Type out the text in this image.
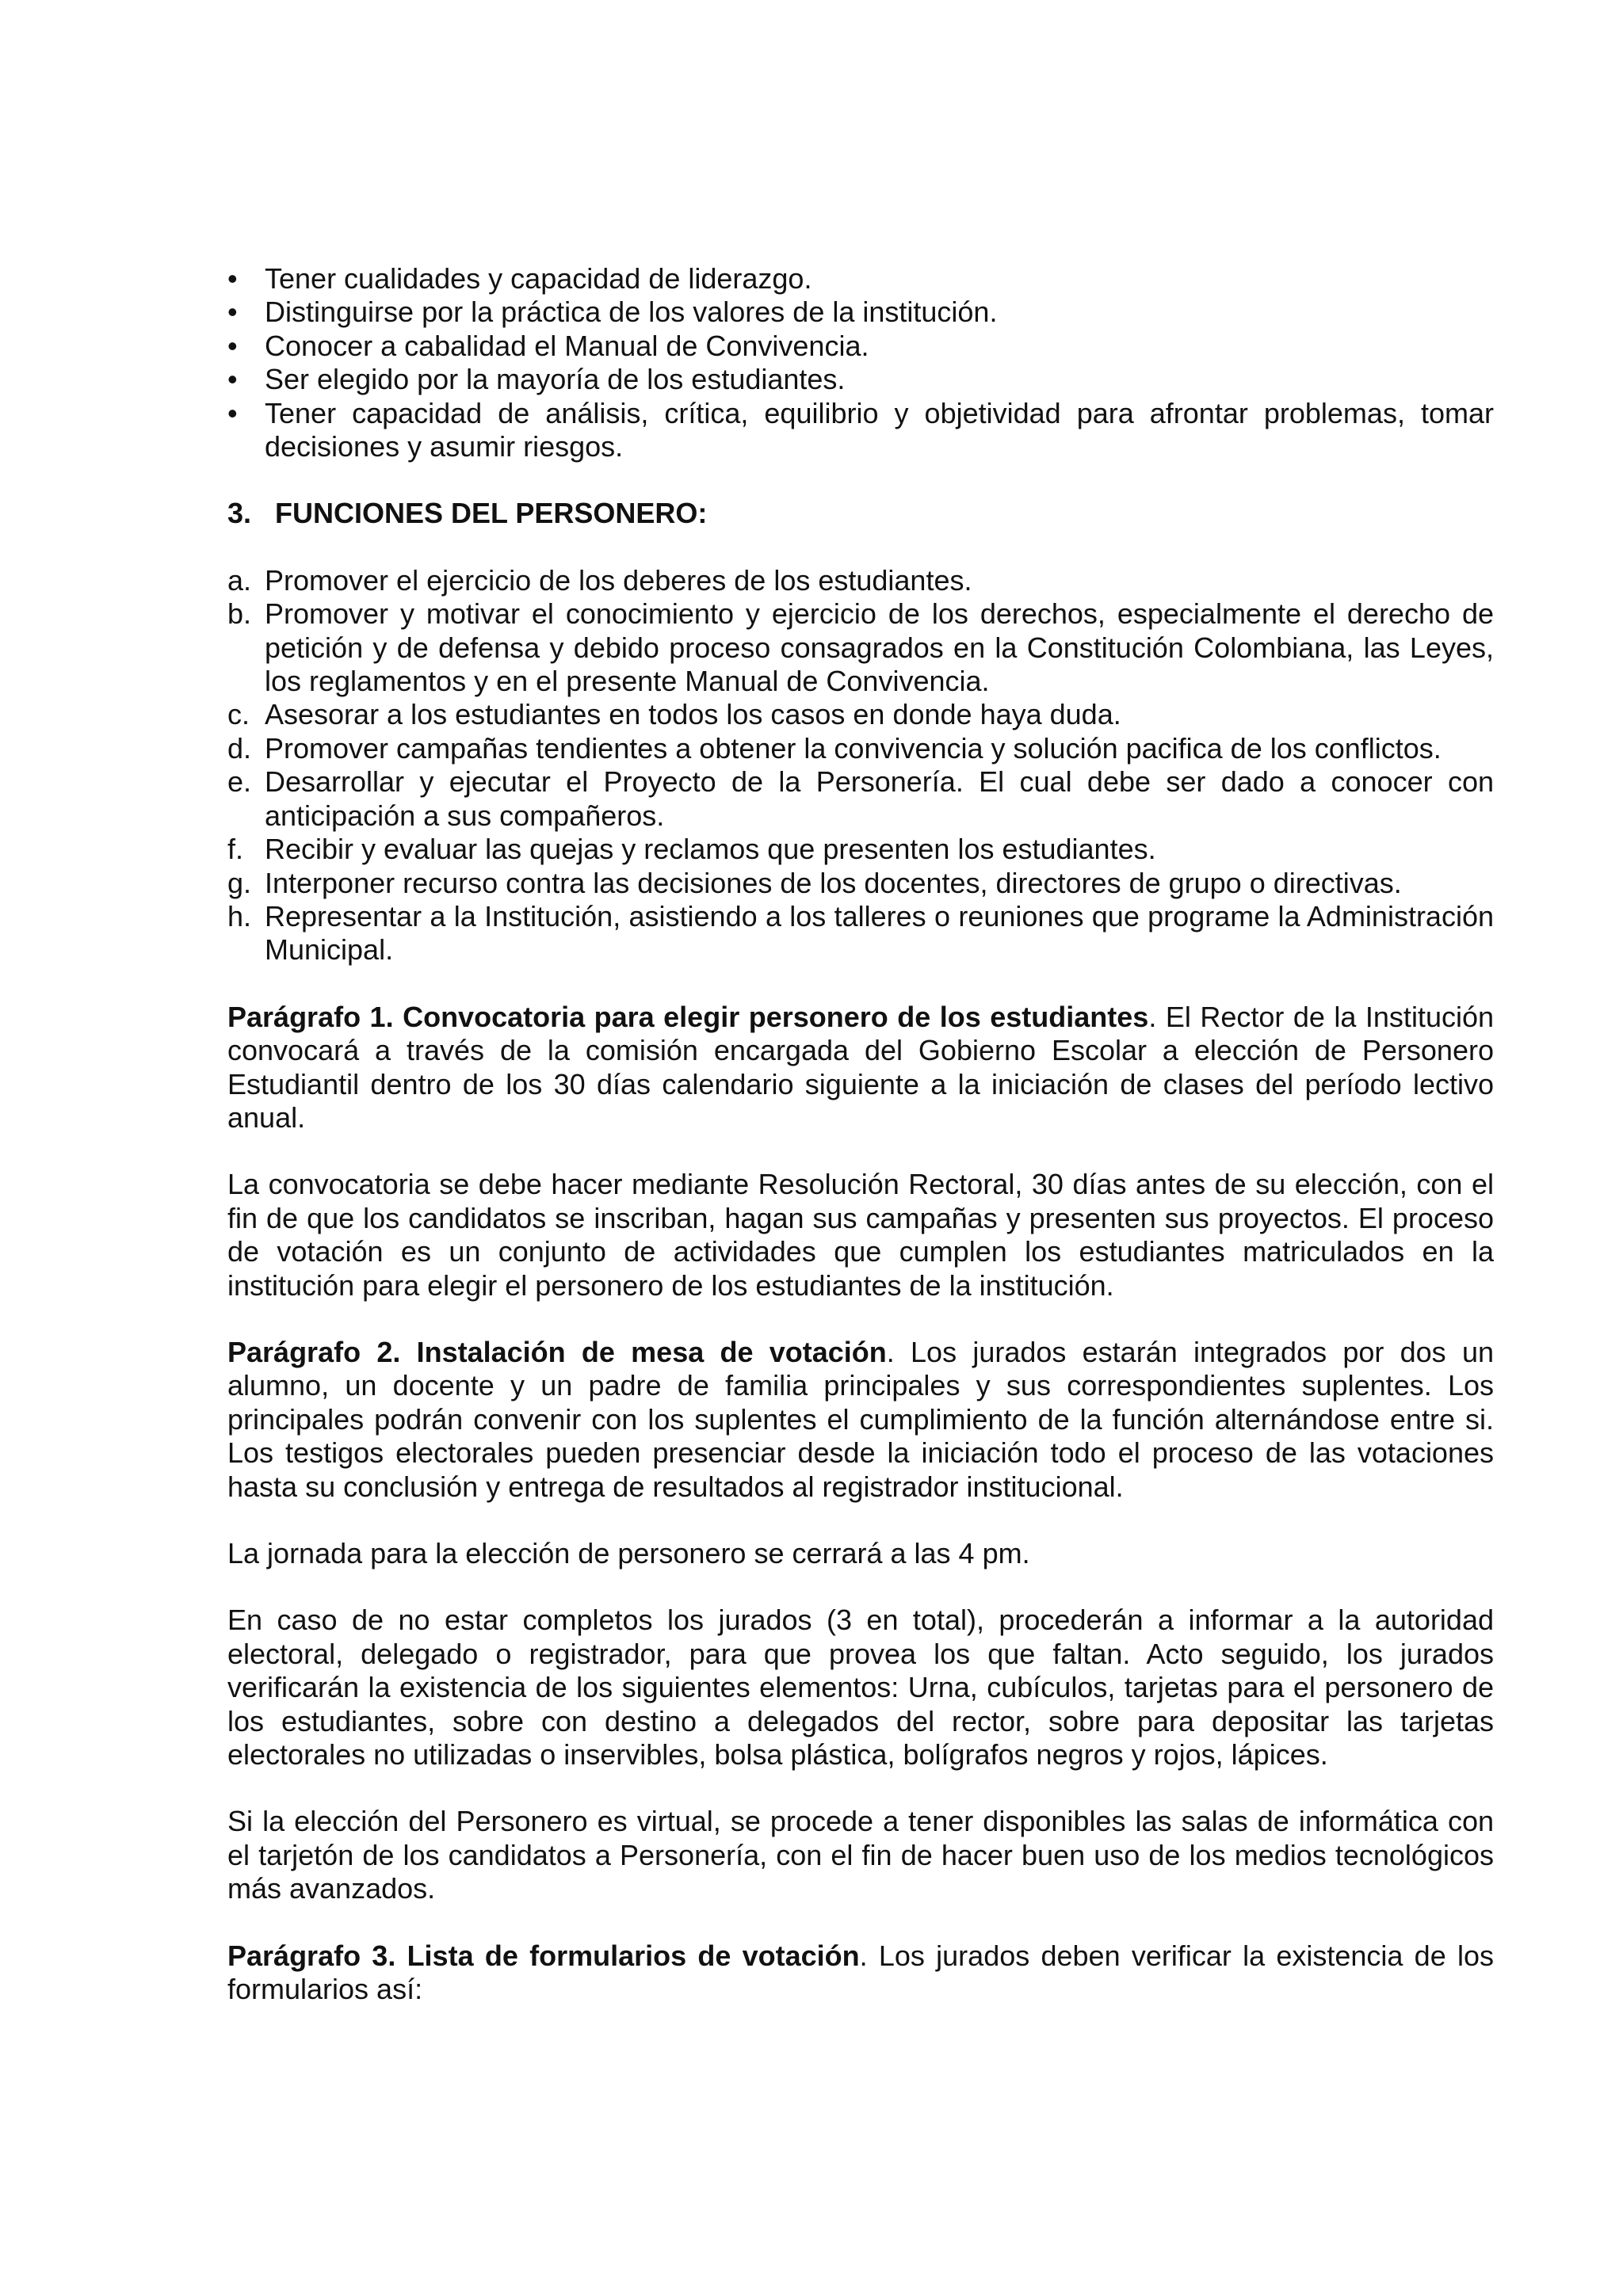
• Tener cualidades y capacidad de liderazgo.
• Distinguirse por la práctica de los valores de la institución.
• Conocer a cabalidad el Manual de Convivencia.
• Ser elegido por la mayoría de los estudiantes.
• Tener capacidad de análisis, crítica, equilibrio y objetividad para afrontar problemas, tomar decisiones y asumir riesgos.
3. FUNCIONES DEL PERSONERO:
a. Promover el ejercicio de los deberes de los estudiantes.
b. Promover y motivar el conocimiento y ejercicio de los derechos, especialmente el derecho de petición y de defensa y debido proceso consagrados en la Constitución Colombiana, las Leyes, los reglamentos y en el presente Manual de Convivencia.
c. Asesorar a los estudiantes en todos los casos en donde haya duda.
d. Promover campañas tendientes a obtener la convivencia y solución pacifica de los conflictos.
e. Desarrollar y ejecutar el Proyecto de la Personería. El cual debe ser dado a conocer con anticipación a sus compañeros.
f. Recibir y evaluar las quejas y reclamos que presenten los estudiantes.
g. Interponer recurso contra las decisiones de los docentes, directores de grupo o directivas.
h. Representar a la Institución, asistiendo a los talleres o reuniones que programe la Administración Municipal.

Parágrafo 1. Convocatoria para elegir personero de los estudiantes. El Rector de la Institución convocará a través de la comisión encargada del Gobierno Escolar a elección de Personero Estudiantil dentro de los 30 días calendario siguiente a la iniciación de clases del período lectivo anual.

La convocatoria se debe hacer mediante Resolución Rectoral, 30 días antes de su elección, con el fin de que los candidatos se inscriban, hagan sus campañas y presenten sus proyectos. El proceso de votación es un conjunto de actividades que cumplen los estudiantes matriculados en la institución para elegir el personero de los estudiantes de la institución.

Parágrafo 2. Instalación de mesa de votación. Los jurados estarán integrados por dos un alumno, un docente y un padre de familia principales y sus correspondientes suplentes. Los principales podrán convenir con los suplentes el cumplimiento de la función alternándose entre si. Los testigos electorales pueden presenciar desde la iniciación todo el proceso de las votaciones hasta su conclusión y entrega de resultados al registrador institucional.

La jornada para la elección de personero se cerrará a las 4 pm.

En caso de no estar completos los jurados (3 en total), procederán a informar a la autoridad electoral, delegado o registrador, para que provea los que faltan. Acto seguido, los jurados verificarán la existencia de los siguientes elementos: Urna, cubículos, tarjetas para el personero de los estudiantes, sobre con destino a delegados del rector, sobre para depositar las tarjetas electorales no utilizadas o inservibles, bolsa plástica, bolígrafos negros y rojos, lápices.

Si la elección del Personero es virtual, se procede a tener disponibles las salas de informática con el tarjetón de los candidatos a Personería, con el fin de hacer buen uso de los medios tecnológicos más avanzados.

Parágrafo 3. Lista de formularios de votación. Los jurados deben verificar la existencia de los formularios así:
